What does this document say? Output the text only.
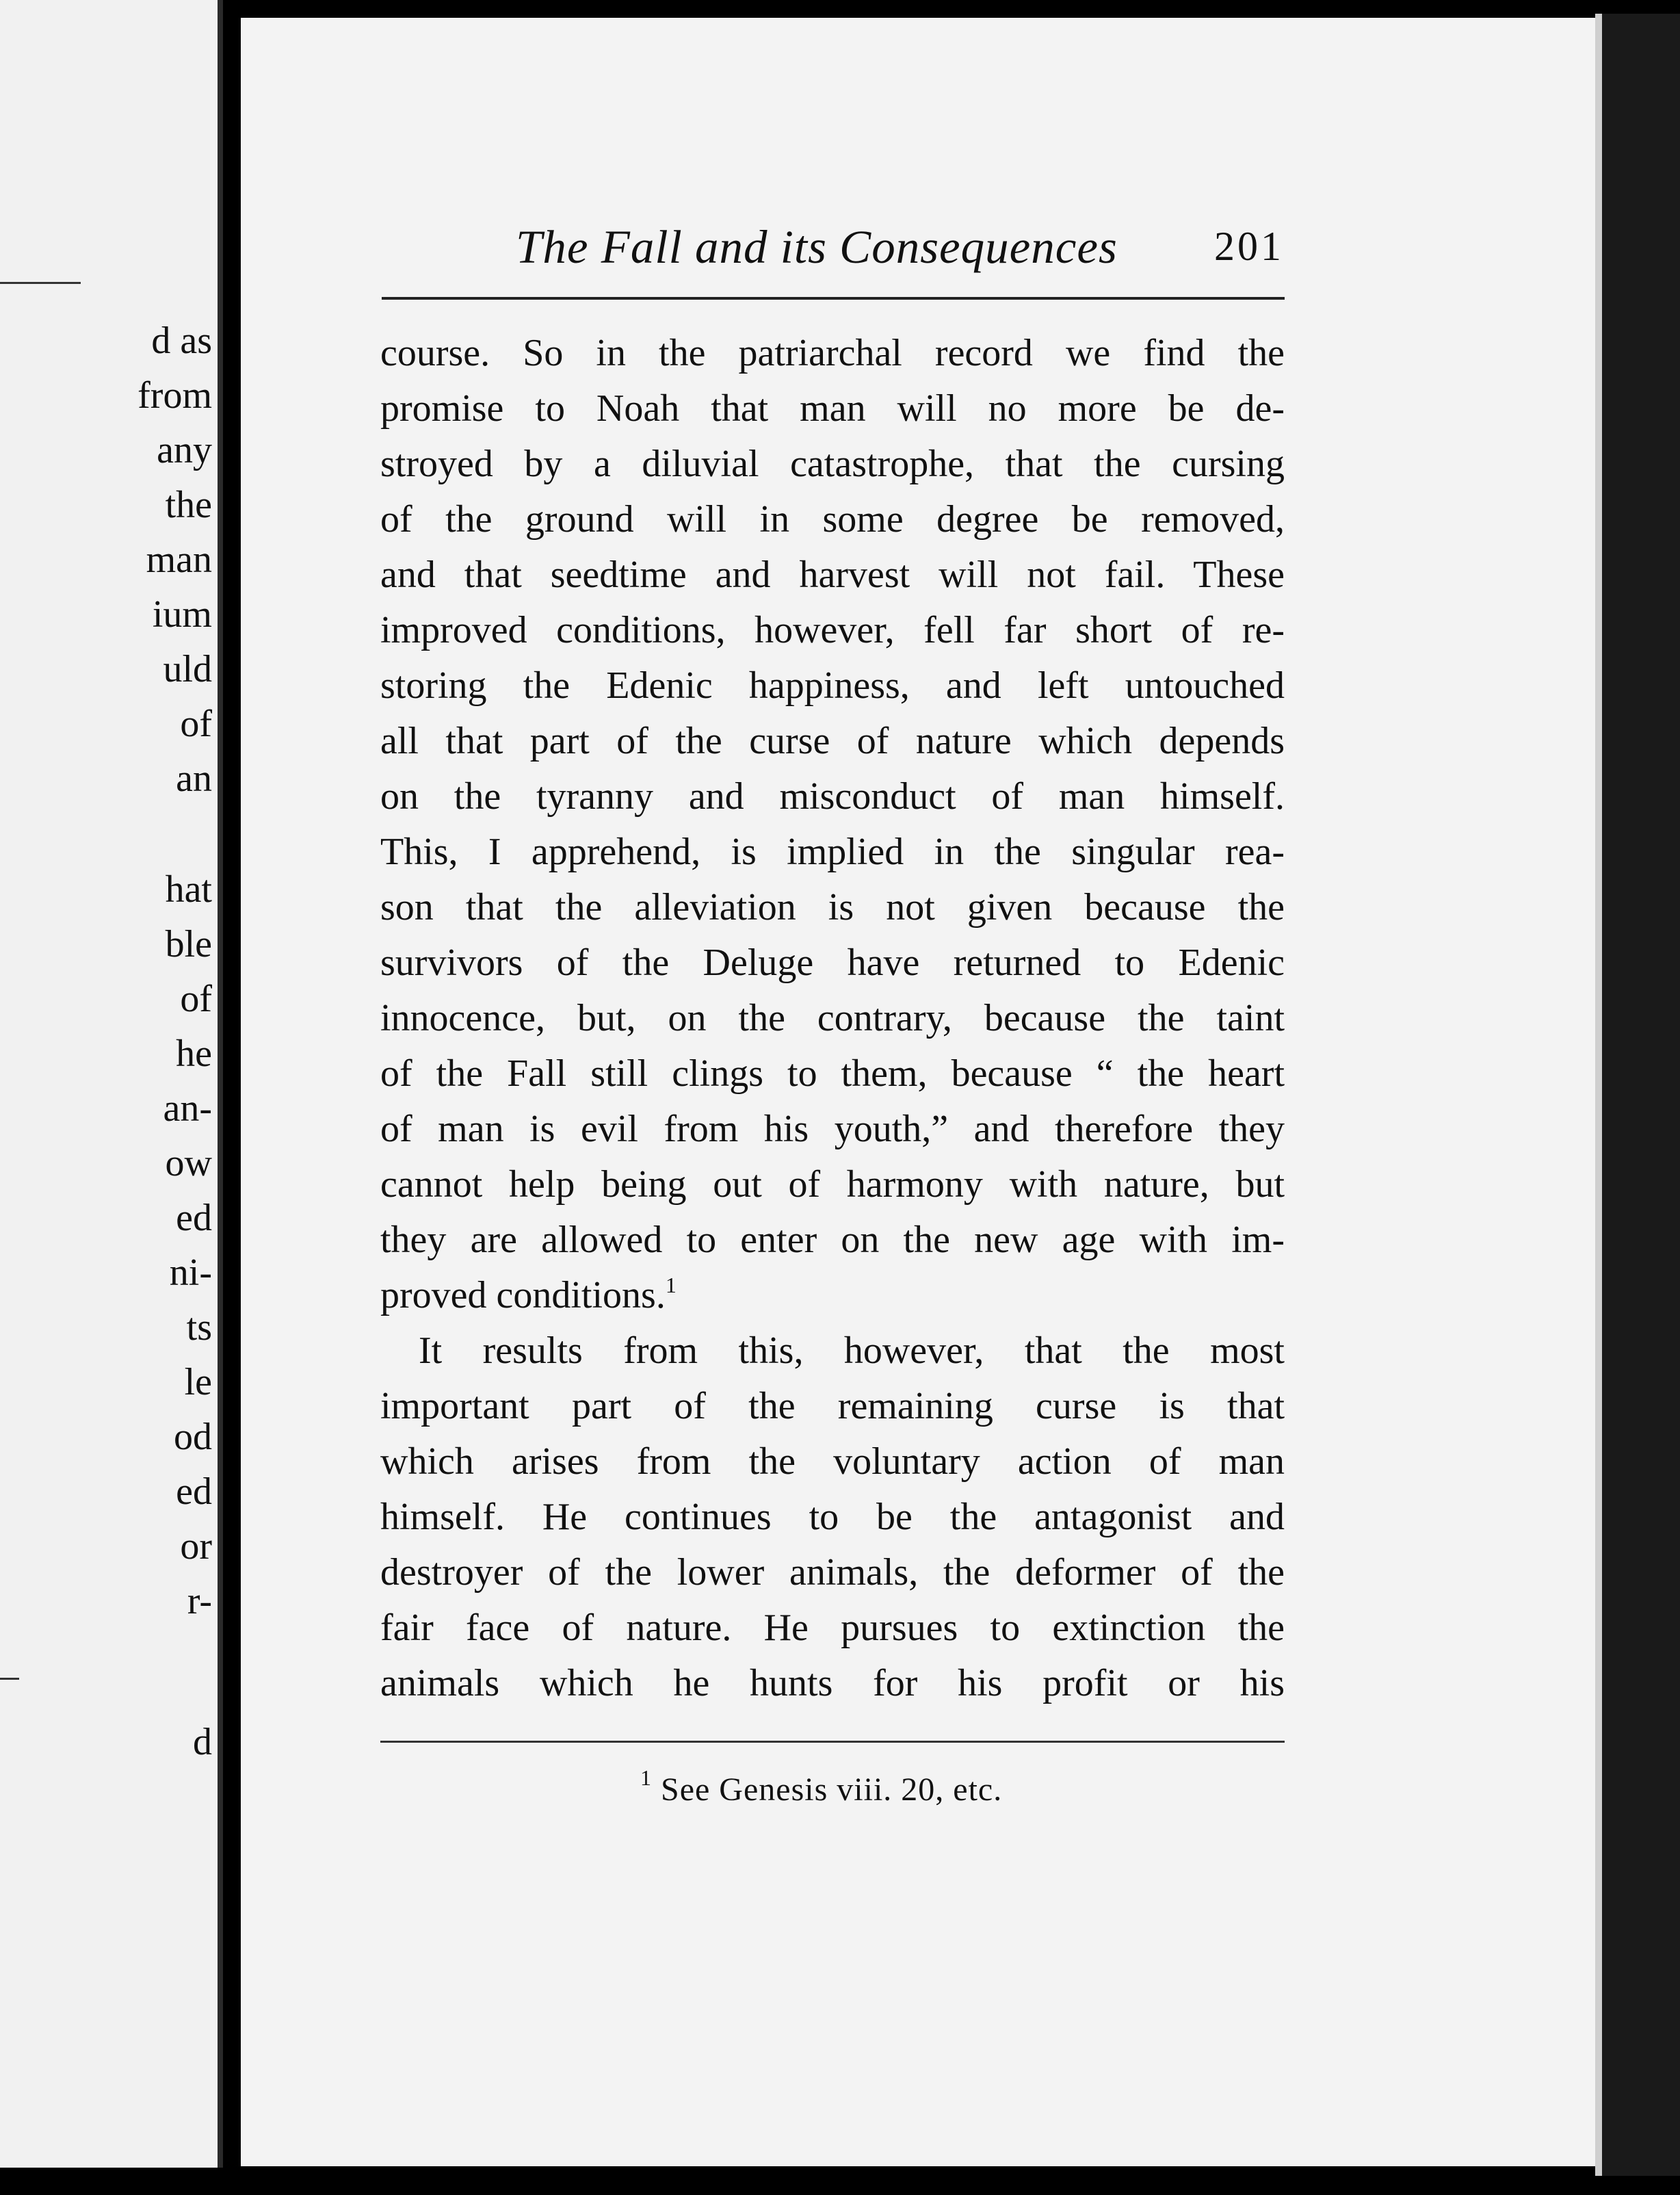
d as
from
any
the
man
ium
uld
of
an
hat
ble
of
he
an-
ow
ed
ni-
ts
le
od
ed
or
r-
d
The Fall and its Consequences	201
course. So in the patriarchal record we find the
promise to Noah that man will no more be de-
stroyed by a diluvial catastrophe, that the cursing
of the ground will in some degree be removed,
and that seedtime and harvest will not fail. These
improved conditions, however, fell far short of re-
storing the Edenic happiness, and left untouched
all that part of the curse of nature which depends
on the tyranny and misconduct of man himself.
This, I apprehend, is implied in the singular rea-
son that the alleviation is not given because the
survivors of the Deluge have returned to Edenic
innocence, but, on the contrary, because the taint
of the Fall still clings to them, because “ the heart
of man is evil from his youth,” and therefore they
cannot help being out of harmony with nature, but
they are allowed to enter on the new age with im-
proved conditions.$^1$
It results from this, however, that the most
important part of the remaining curse is that
which arises from the voluntary action of man
himself. He continues to be the antagonist and
destroyer of the lower animals, the deformer of the
fair face of nature. He pursues to extinction the
animals which he hunts for his profit or his
$^1$ See Genesis viii. 20, etc.
